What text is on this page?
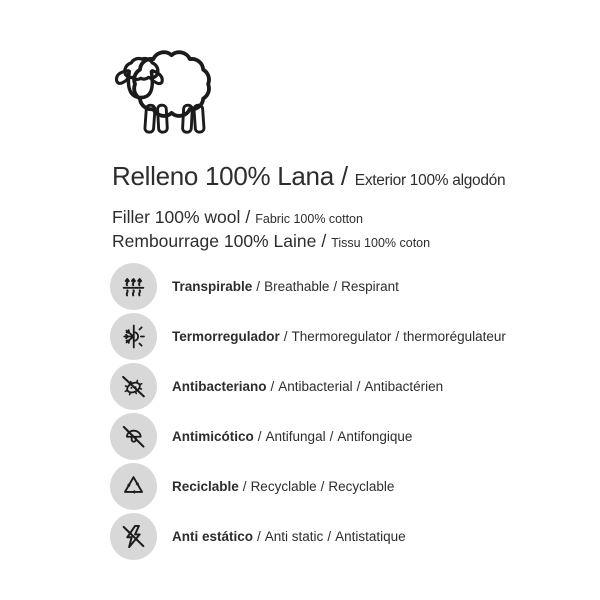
Relleno 100% Lana / Exterior 100% algodón
Filler 100% wool / Fabric 100% cotton
Rembourrage 100% Laine / Tissu 100% coton
Transpirable / Breathable / Respirant
Termorregulador / Thermoregulator / thermorégulateur
Antibacteriano / Antibacterial / Antibactérien
Antimicótico / Antifungal / Antifongique
Reciclable / Recyclable / Recyclable
Anti estático / Anti static / Antistatique
